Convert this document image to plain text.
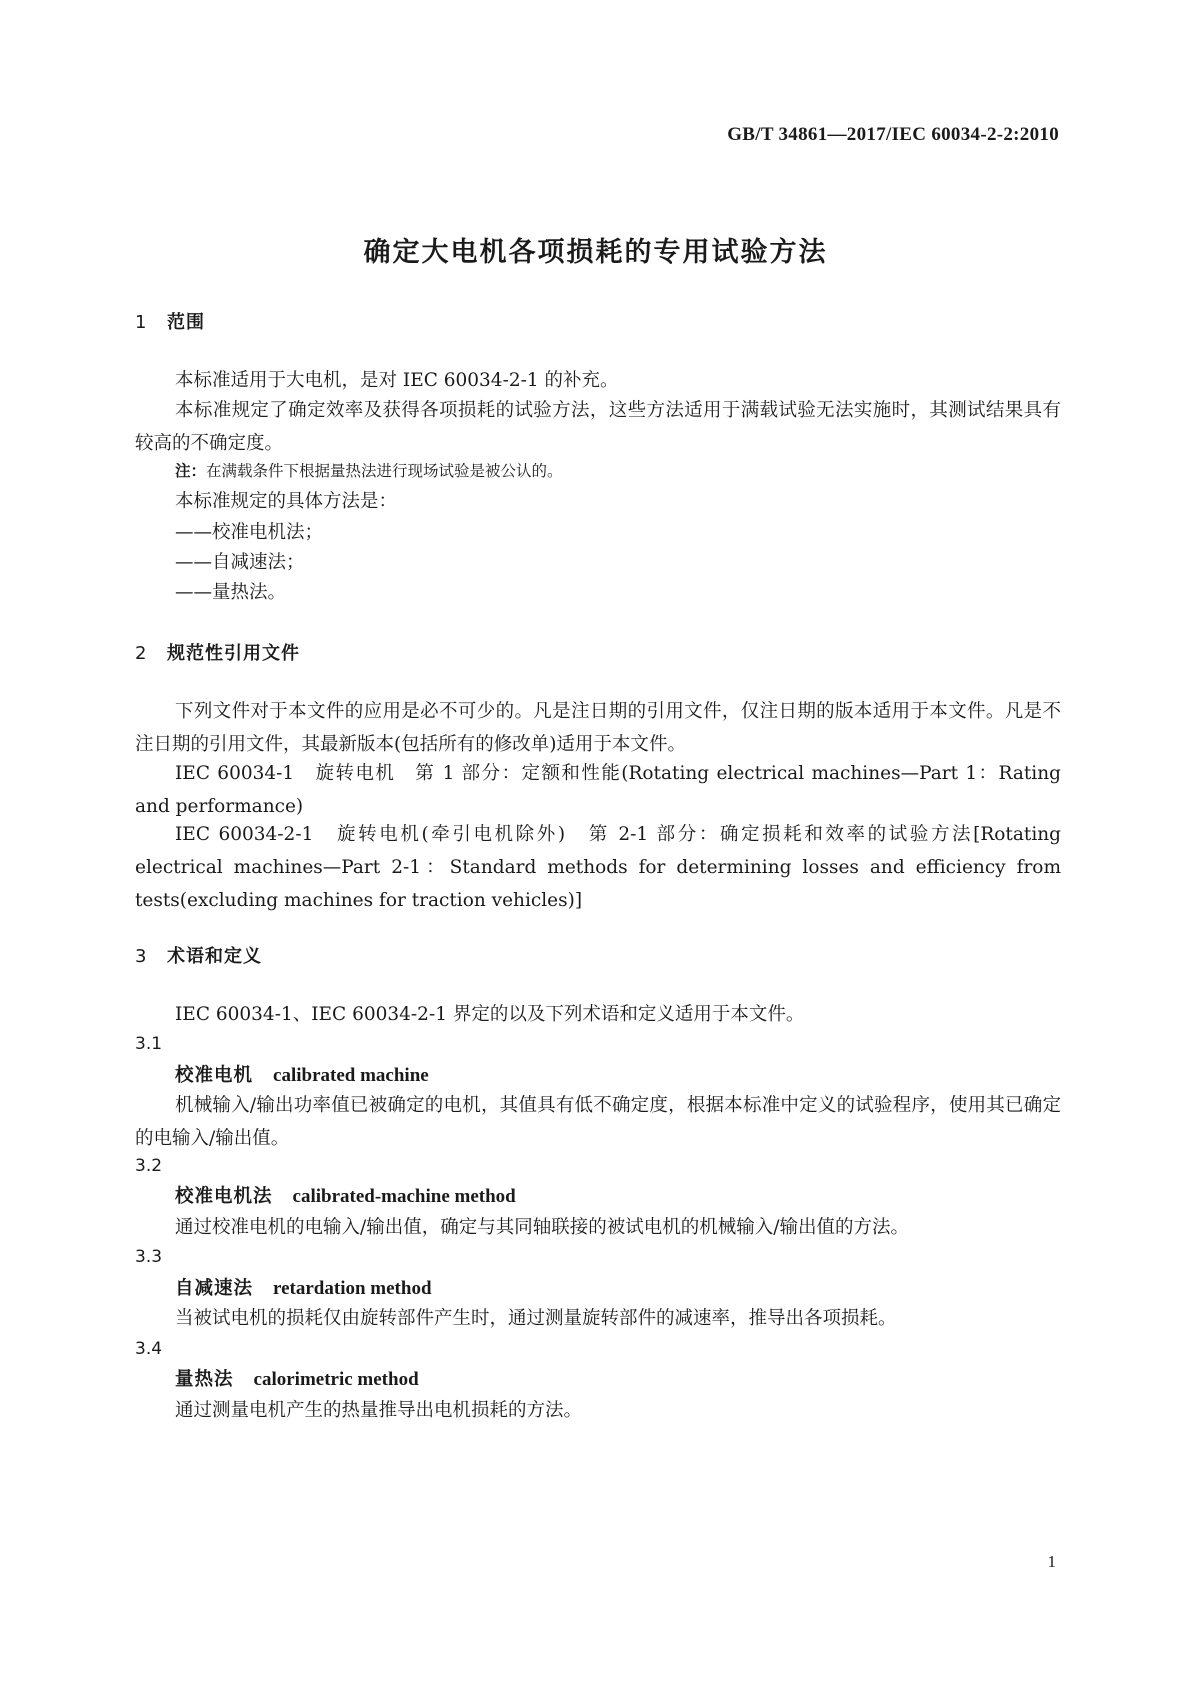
GB/T 34861—2017/IEC 60034-2-2:2010
确定大电机各项损耗的专用试验方法
1 范围
本标准适用于大电机，是对 IEC 60034-2-1 的补充。
本标准规定了确定效率及获得各项损耗的试验方法，这些方法适用于满载试验无法实施时，其测试结果具有较高的不确定度。
注：在满载条件下根据量热法进行现场试验是被公认的。
本标准规定的具体方法是：
——校准电机法；
——自减速法；
——量热法。
2 规范性引用文件
下列文件对于本文件的应用是必不可少的。凡是注日期的引用文件，仅注日期的版本适用于本文件。凡是不注日期的引用文件，其最新版本(包括所有的修改单)适用于本文件。
IEC 60034-1　旋转电机　第 1 部分：定额和性能(Rotating electrical machines—Part 1：Rating and performance)
IEC 60034-2-1　旋转电机(牵引电机除外)　第 2-1 部分：确定损耗和效率的试验方法[Rotating electrical machines—Part 2-1：Standard methods for determining losses and efficiency from tests(excluding machines for traction vehicles)]
3 术语和定义
IEC 60034-1、IEC 60034-2-1 界定的以及下列术语和定义适用于本文件。
3.1
校准电机 calibrated machine
机械输入/输出功率值已被确定的电机，其值具有低不确定度，根据本标准中定义的试验程序，使用其已确定的电输入/输出值。
3.2
校准电机法 calibrated-machine method
通过校准电机的电输入/输出值，确定与其同轴联接的被试电机的机械输入/输出值的方法。
3.3
自减速法 retardation method
当被试电机的损耗仅由旋转部件产生时，通过测量旋转部件的减速率，推导出各项损耗。
3.4
量热法 calorimetric method
通过测量电机产生的热量推导出电机损耗的方法。
1
